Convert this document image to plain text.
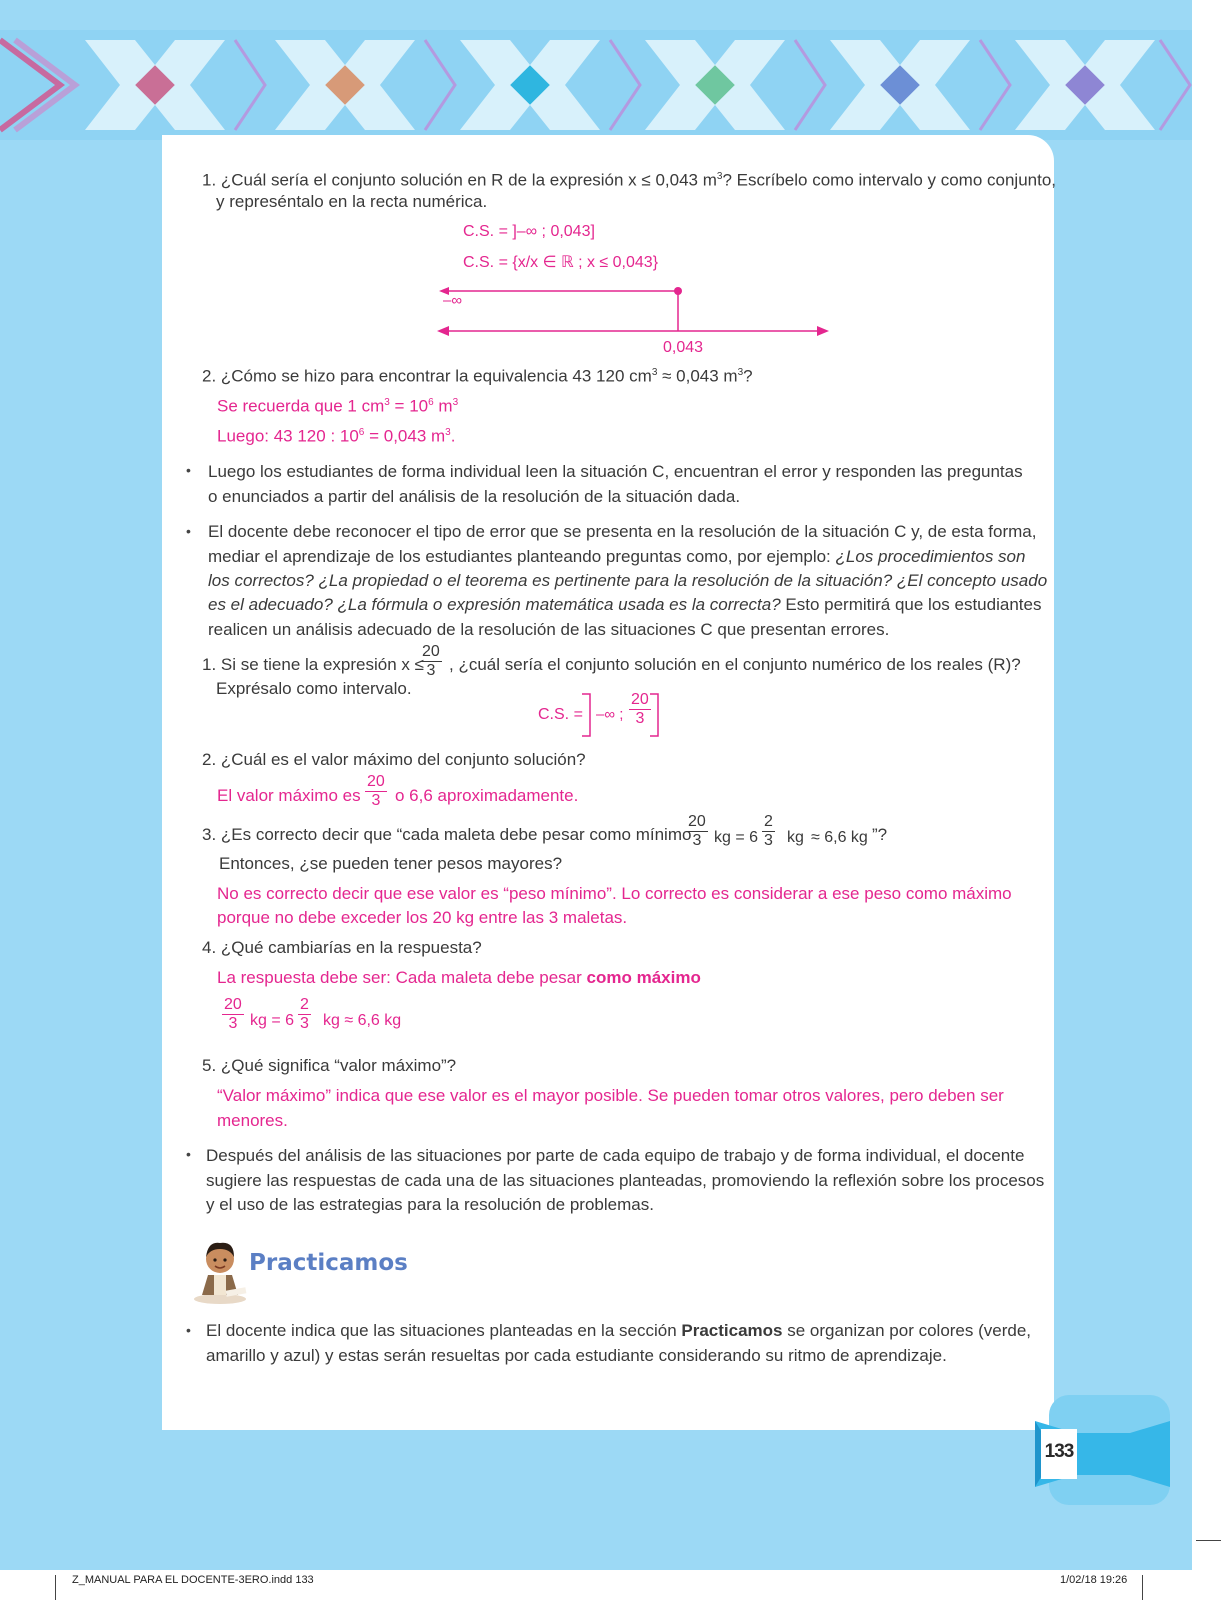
1. ¿Cuál sería el conjunto solución en R de la expresión x ≤ 0,043 $m^3$? Escríbelo como intervalo y como conjunto,
y represéntalo en la recta numérica.
C.S. = ]–∞ ; 0,043]
C.S. = {x/x ∈ ℝ ; x ≤ 0,043}
–∞
0,043
2. ¿Cómo se hizo para encontrar la equivalencia 43 120 $cm^3 \approx 0,043$ $m^3$?
Se recuerda que 1 $cm^3 = 10^6$ $m^3$
Luego: 43 120 : $10^6 = 0,043$ $m^3$.
• Luego los estudiantes de forma individual leen la situación C, encuentran el error y responden las preguntas
o enunciados a partir del análisis de la resolución de la situación dada.
• El docente debe reconocer el tipo de error que se presenta en la resolución de la situación C y, de esta forma,
mediar el aprendizaje de los estudiantes planteando preguntas como, por ejemplo: ¿Los procedimientos son
los correctos? ¿La propiedad o el teorema es pertinente para la resolución de la situación? ¿El concepto usado
es el adecuado? ¿La fórmula o expresión matemática usada es la correcta? Esto permitirá que los estudiantes
realicen un análisis adecuado de la resolución de las situaciones C que presentan errores.
1. Si se tiene la expresión x ≤
$\frac{20}{3}$ , ¿cuál sería el conjunto solución en el conjunto numérico de los reales (R)?
Exprésalo como intervalo.
C.S. = –∞ ; $\frac{20}{3}$
2. ¿Cuál es el valor máximo del conjunto solución?
El valor máximo es $\frac{20}{3}$ o 6,6 aproximadamente.
3. ¿Es correcto decir que “cada maleta debe pesar como mínimo
$\frac{20}{3}$ kg = $6 \frac{2}{3}$ kg ≈ 6,6 kg ”?
Entonces, ¿se pueden tener pesos mayores?
No es correcto decir que ese valor es “peso mínimo”. Lo correcto es considerar a ese peso como máximo
porque no debe exceder los 20 kg entre las 3 maletas.
4. ¿Qué cambiarías en la respuesta?
La respuesta debe ser: Cada maleta debe pesar como máximo
$\frac{20}{3}$ kg = $6 \frac{2}{3}$ kg ≈ 6,6 kg
5. ¿Qué significa “valor máximo”?
“Valor máximo” indica que ese valor es el mayor posible. Se pueden tomar otros valores, pero deben ser
menores.
• Después del análisis de las situaciones por parte de cada equipo de trabajo y de forma individual, el docente
sugiere las respuestas de cada una de las situaciones planteadas, promoviendo la reflexión sobre los procesos
y el uso de las estrategias para la resolución de problemas.
Practicamos
• El docente indica que las situaciones planteadas en la sección Practicamos se organizan por colores (verde,
amarillo y azul) y estas serán resueltas por cada estudiante considerando su ritmo de aprendizaje.
133
Z_MANUAL PARA EL DOCENTE-3ERO.indd 133	1/02/18 19:26
